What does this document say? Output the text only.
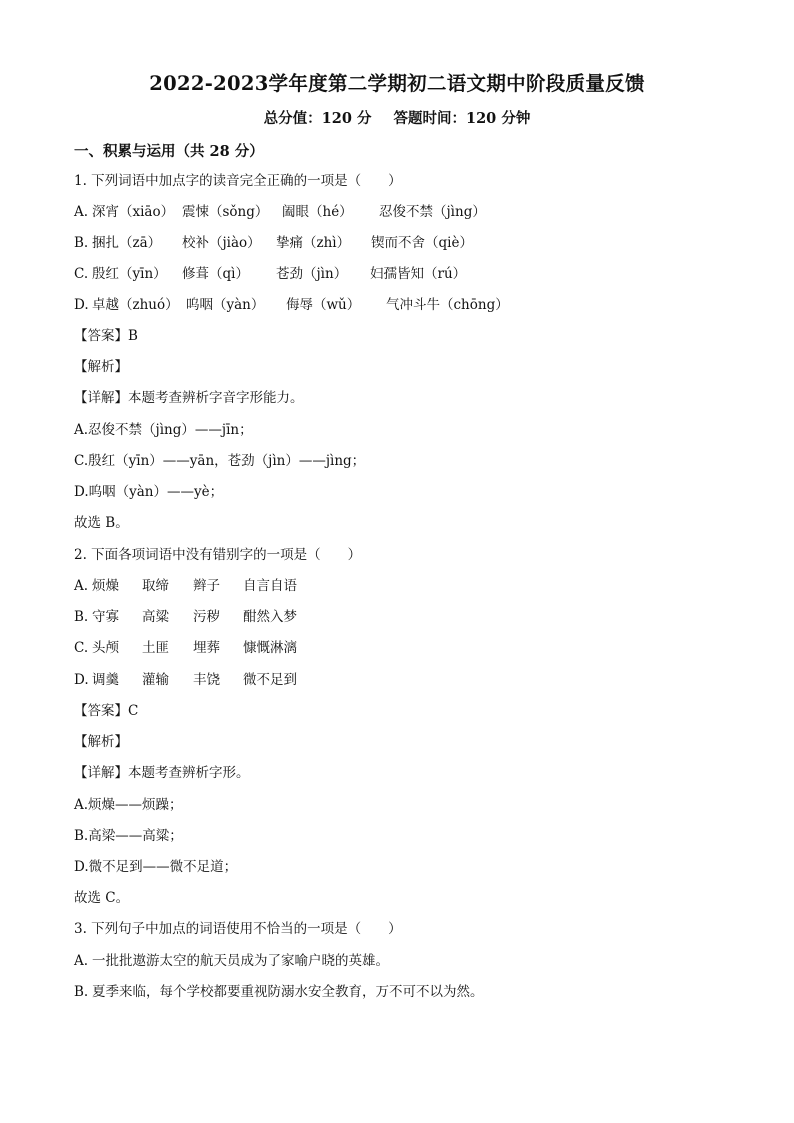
2022-2023学年度第二学期初二语文期中阶段质量反馈
总分值：120 分 答题时间：120 分钟
一、积累与运用（共 28 分）
1. 下列词语中加点字的读音完全正确的一项是（　　）
A. 深宵（xiāo） 震悚（sǒng） 阖眼（hé） 忍俊不禁（jìng）
B. 捆扎（zā） 校补（jiào） 挚痛（zhì） 锲而不舍（qiè）
C. 殷红（yīn） 修葺（qì） 苍劲（jìn） 妇孺皆知（rú）
D. 卓越（zhuó） 呜咽（yàn） 侮辱（wǔ） 气冲斗牛（chōng）
【答案】B
【解析】
【详解】本题考查辨析字音字形能力。
A.忍俊不禁（jìng）——jīn；
C.殷红（yīn）——yān，苍劲（jìn）——jìng；
D.呜咽（yàn）——yè；
故选 B。
2. 下面各项词语中没有错别字的一项是（　　）
A. 烦燥 取缔 辫子 自言自语
B. 守寡 高粱 污秽 酣然入梦
C. 头颅 土匪 埋葬 慷慨淋漓
D. 调羹 灌输 丰饶 微不足到
【答案】C
【解析】
【详解】本题考查辨析字形。
A.烦燥——烦躁；
B.高梁——高粱；
D.微不足到——微不足道；
故选 C。
3. 下列句子中加点的词语使用不恰当的一项是（　　）
A. 一批批遨游太空的航天员成为了家喻户晓的英雄。
B. 夏季来临，每个学校都要重视防溺水安全教育，万不可不以为然。
